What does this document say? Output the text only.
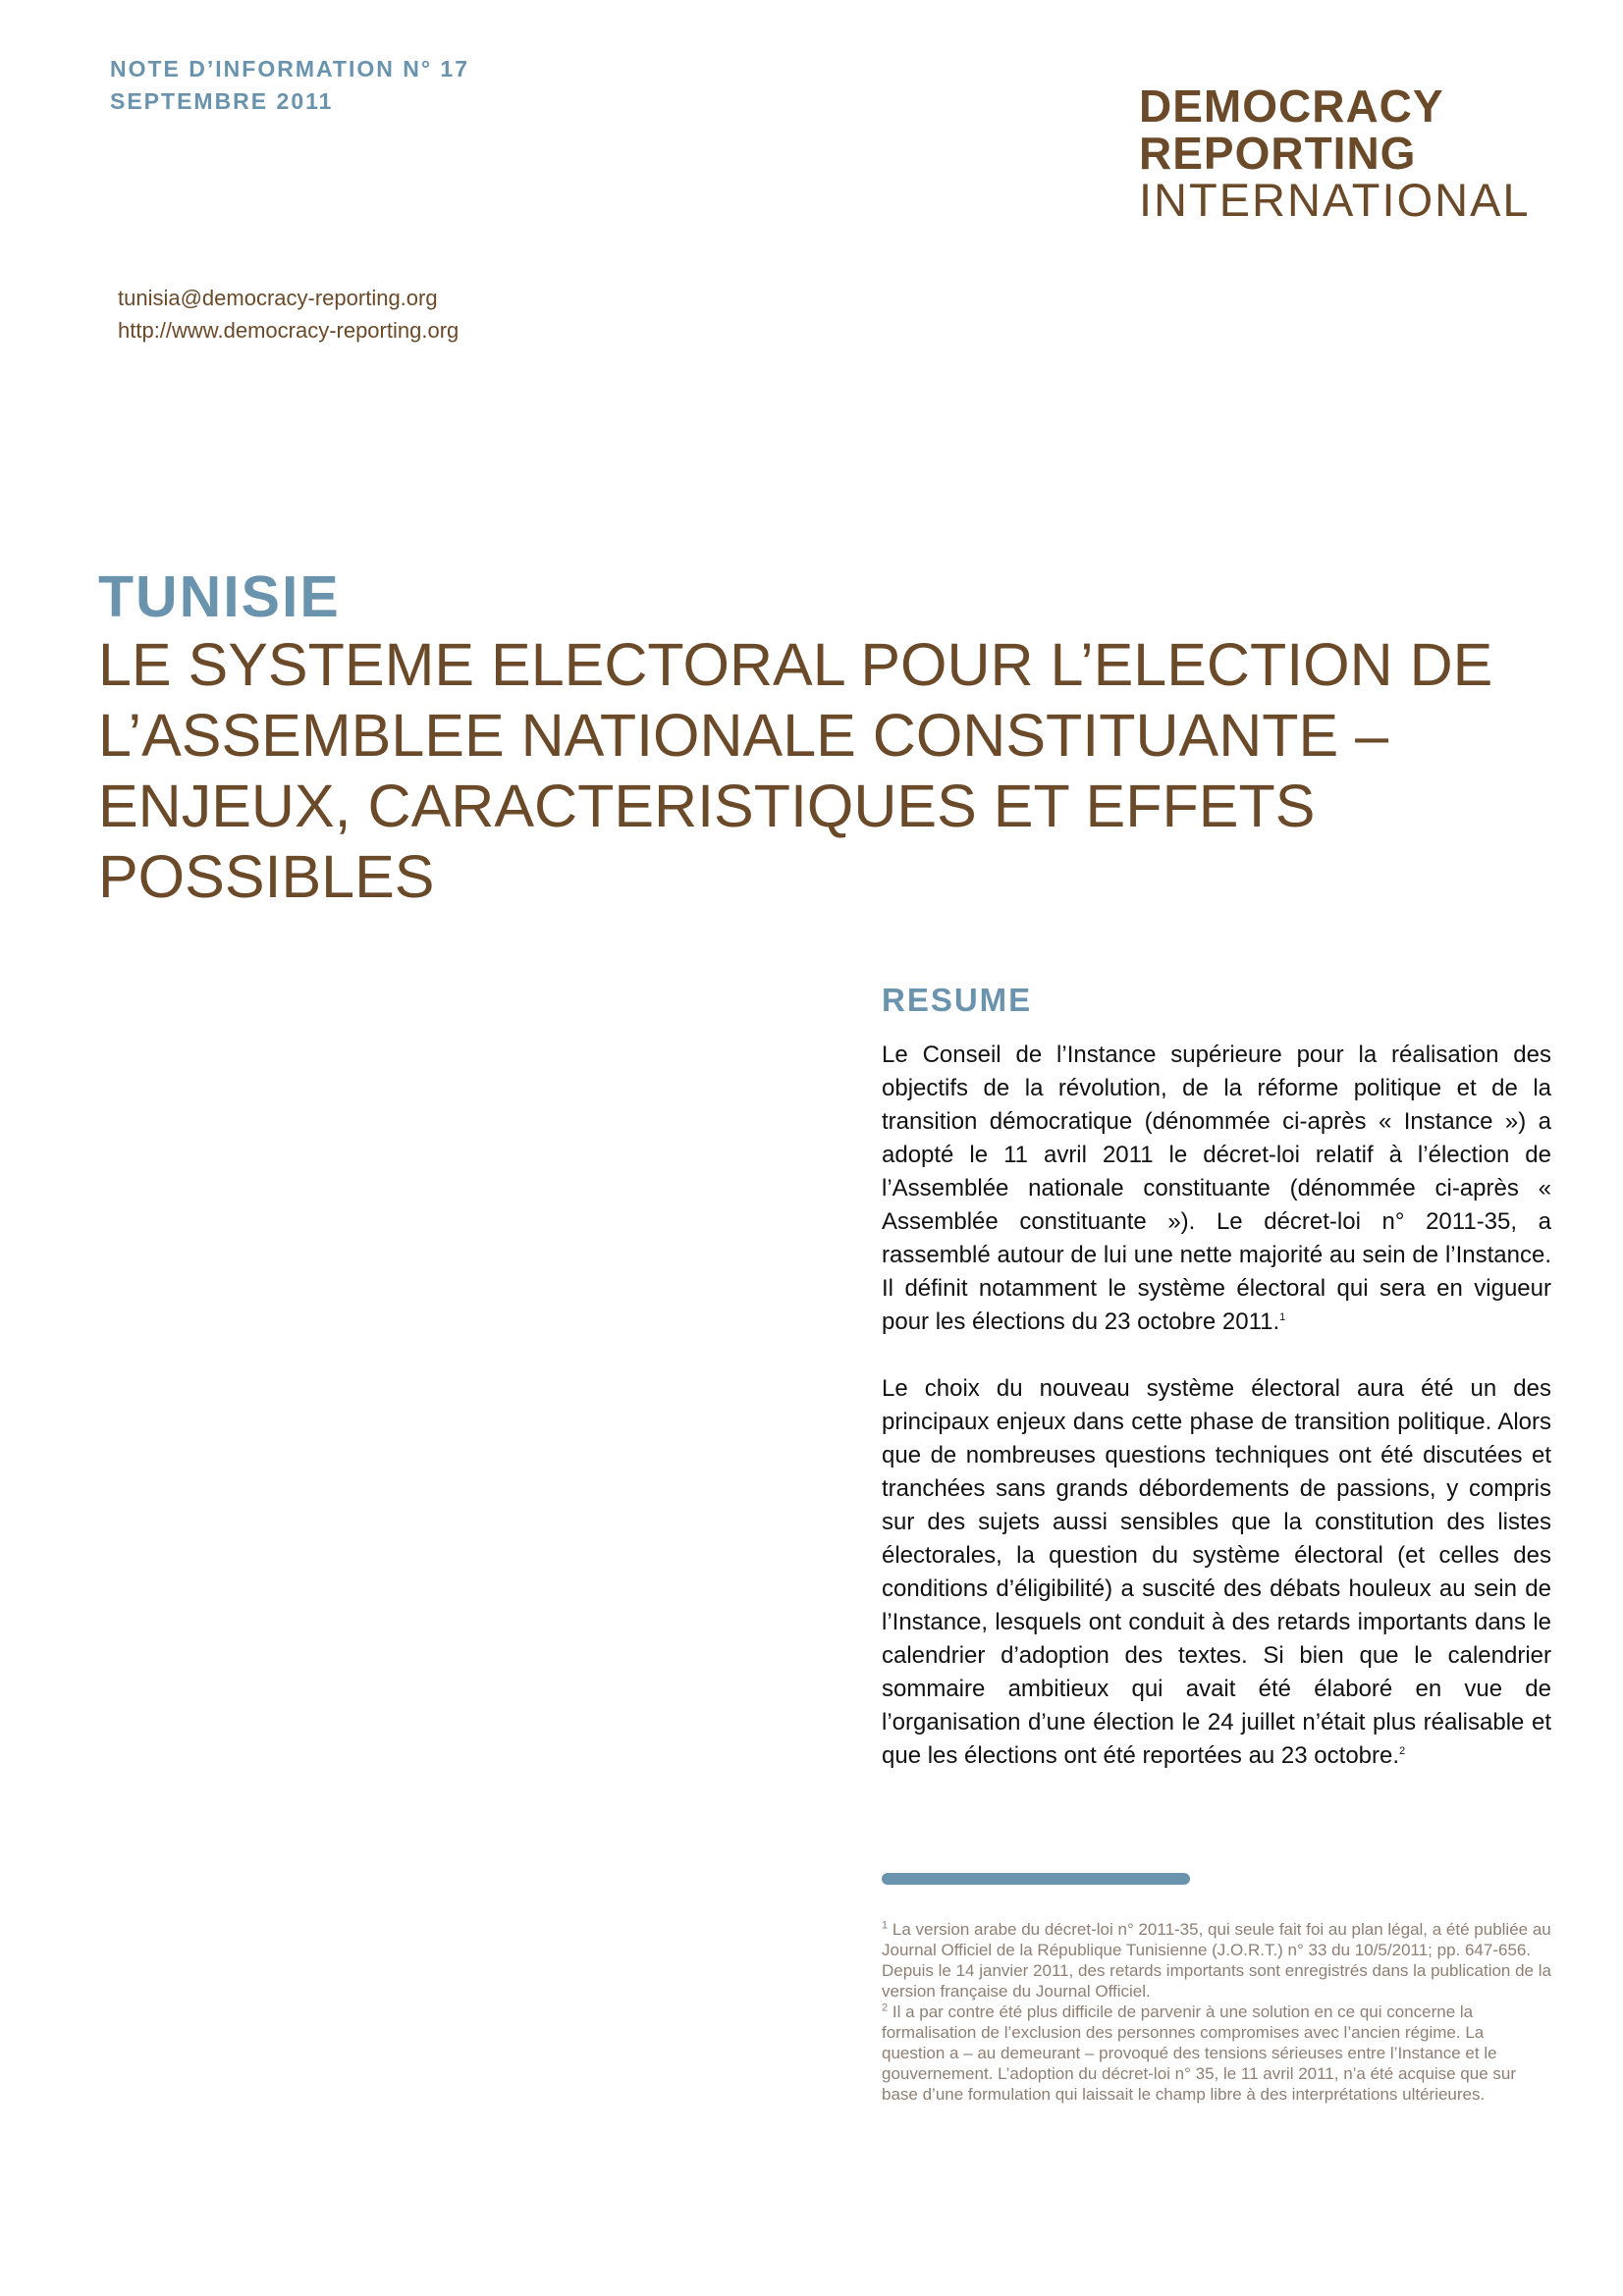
NOTE D’INFORMATION N° 17
SEPTEMBRE 2011	DEMOCRACY
REPORTING
INTERNATIONAL
tunisia@democracy-reporting.org
http://www.democracy-reporting.org
TUNISIE
LE SYSTEME ELECTORAL POUR L’ELECTION DE L’ASSEMBLEE NATIONALE CONSTITUANTE – ENJEUX, CARACTERISTIQUES ET EFFETS POSSIBLES
RESUME

Le Conseil de l’Instance supérieure pour la réalisation des objectifs de la révolution, de la réforme politique et de la transition démocratique (dénommée ci-après « Instance ») a adopté le 11 avril 2011 le décret-loi relatif à l’élection de l’Assemblée nationale constituante (dénommée ci-après « Assemblée constituante »). Le décret-loi n° 2011-35, a rassemblé autour de lui une nette majorité au sein de l’Instance. Il définit notamment le système électoral qui sera en vigueur pour les élections du 23 octobre 2011.$^1$

Le choix du nouveau système électoral aura été un des principaux enjeux dans cette phase de transition politique. Alors que de nombreuses questions techniques ont été discutées et tranchées sans grands débordements de passions, y compris sur des sujets aussi sensibles que la constitution des listes électorales, la question du système électoral (et celles des conditions d’éligibilité) a suscité des débats houleux au sein de l’Instance, lesquels ont conduit à des retards importants dans le calendrier d’adoption des textes. Si bien que le calendrier sommaire ambitieux qui avait été élaboré en vue de l’organisation d’une élection le 24 juillet n’était plus réalisable et que les élections ont été reportées au 23 octobre.$^2$

$^1$ La version arabe du décret-loi n° 2011-35, qui seule fait foi au plan légal, a été publiée au Journal Officiel de la République Tunisienne (J.O.R.T.) n° 33 du 10/5/2011; pp. 647-656. Depuis le 14 janvier 2011, des retards importants sont enregistrés dans la publication de la version française du Journal Officiel.
$^2$ Il a par contre été plus difficile de parvenir à une solution en ce qui concerne la formalisation de l’exclusion des personnes compromises avec l’ancien régime. La question a – au demeurant – provoqué des tensions sérieuses entre l’Instance et le gouvernement. L’adoption du décret-loi n° 35, le 11 avril 2011, n’a été acquise que sur base d’une formulation qui laissait le champ libre à des interprétations ultérieures.
